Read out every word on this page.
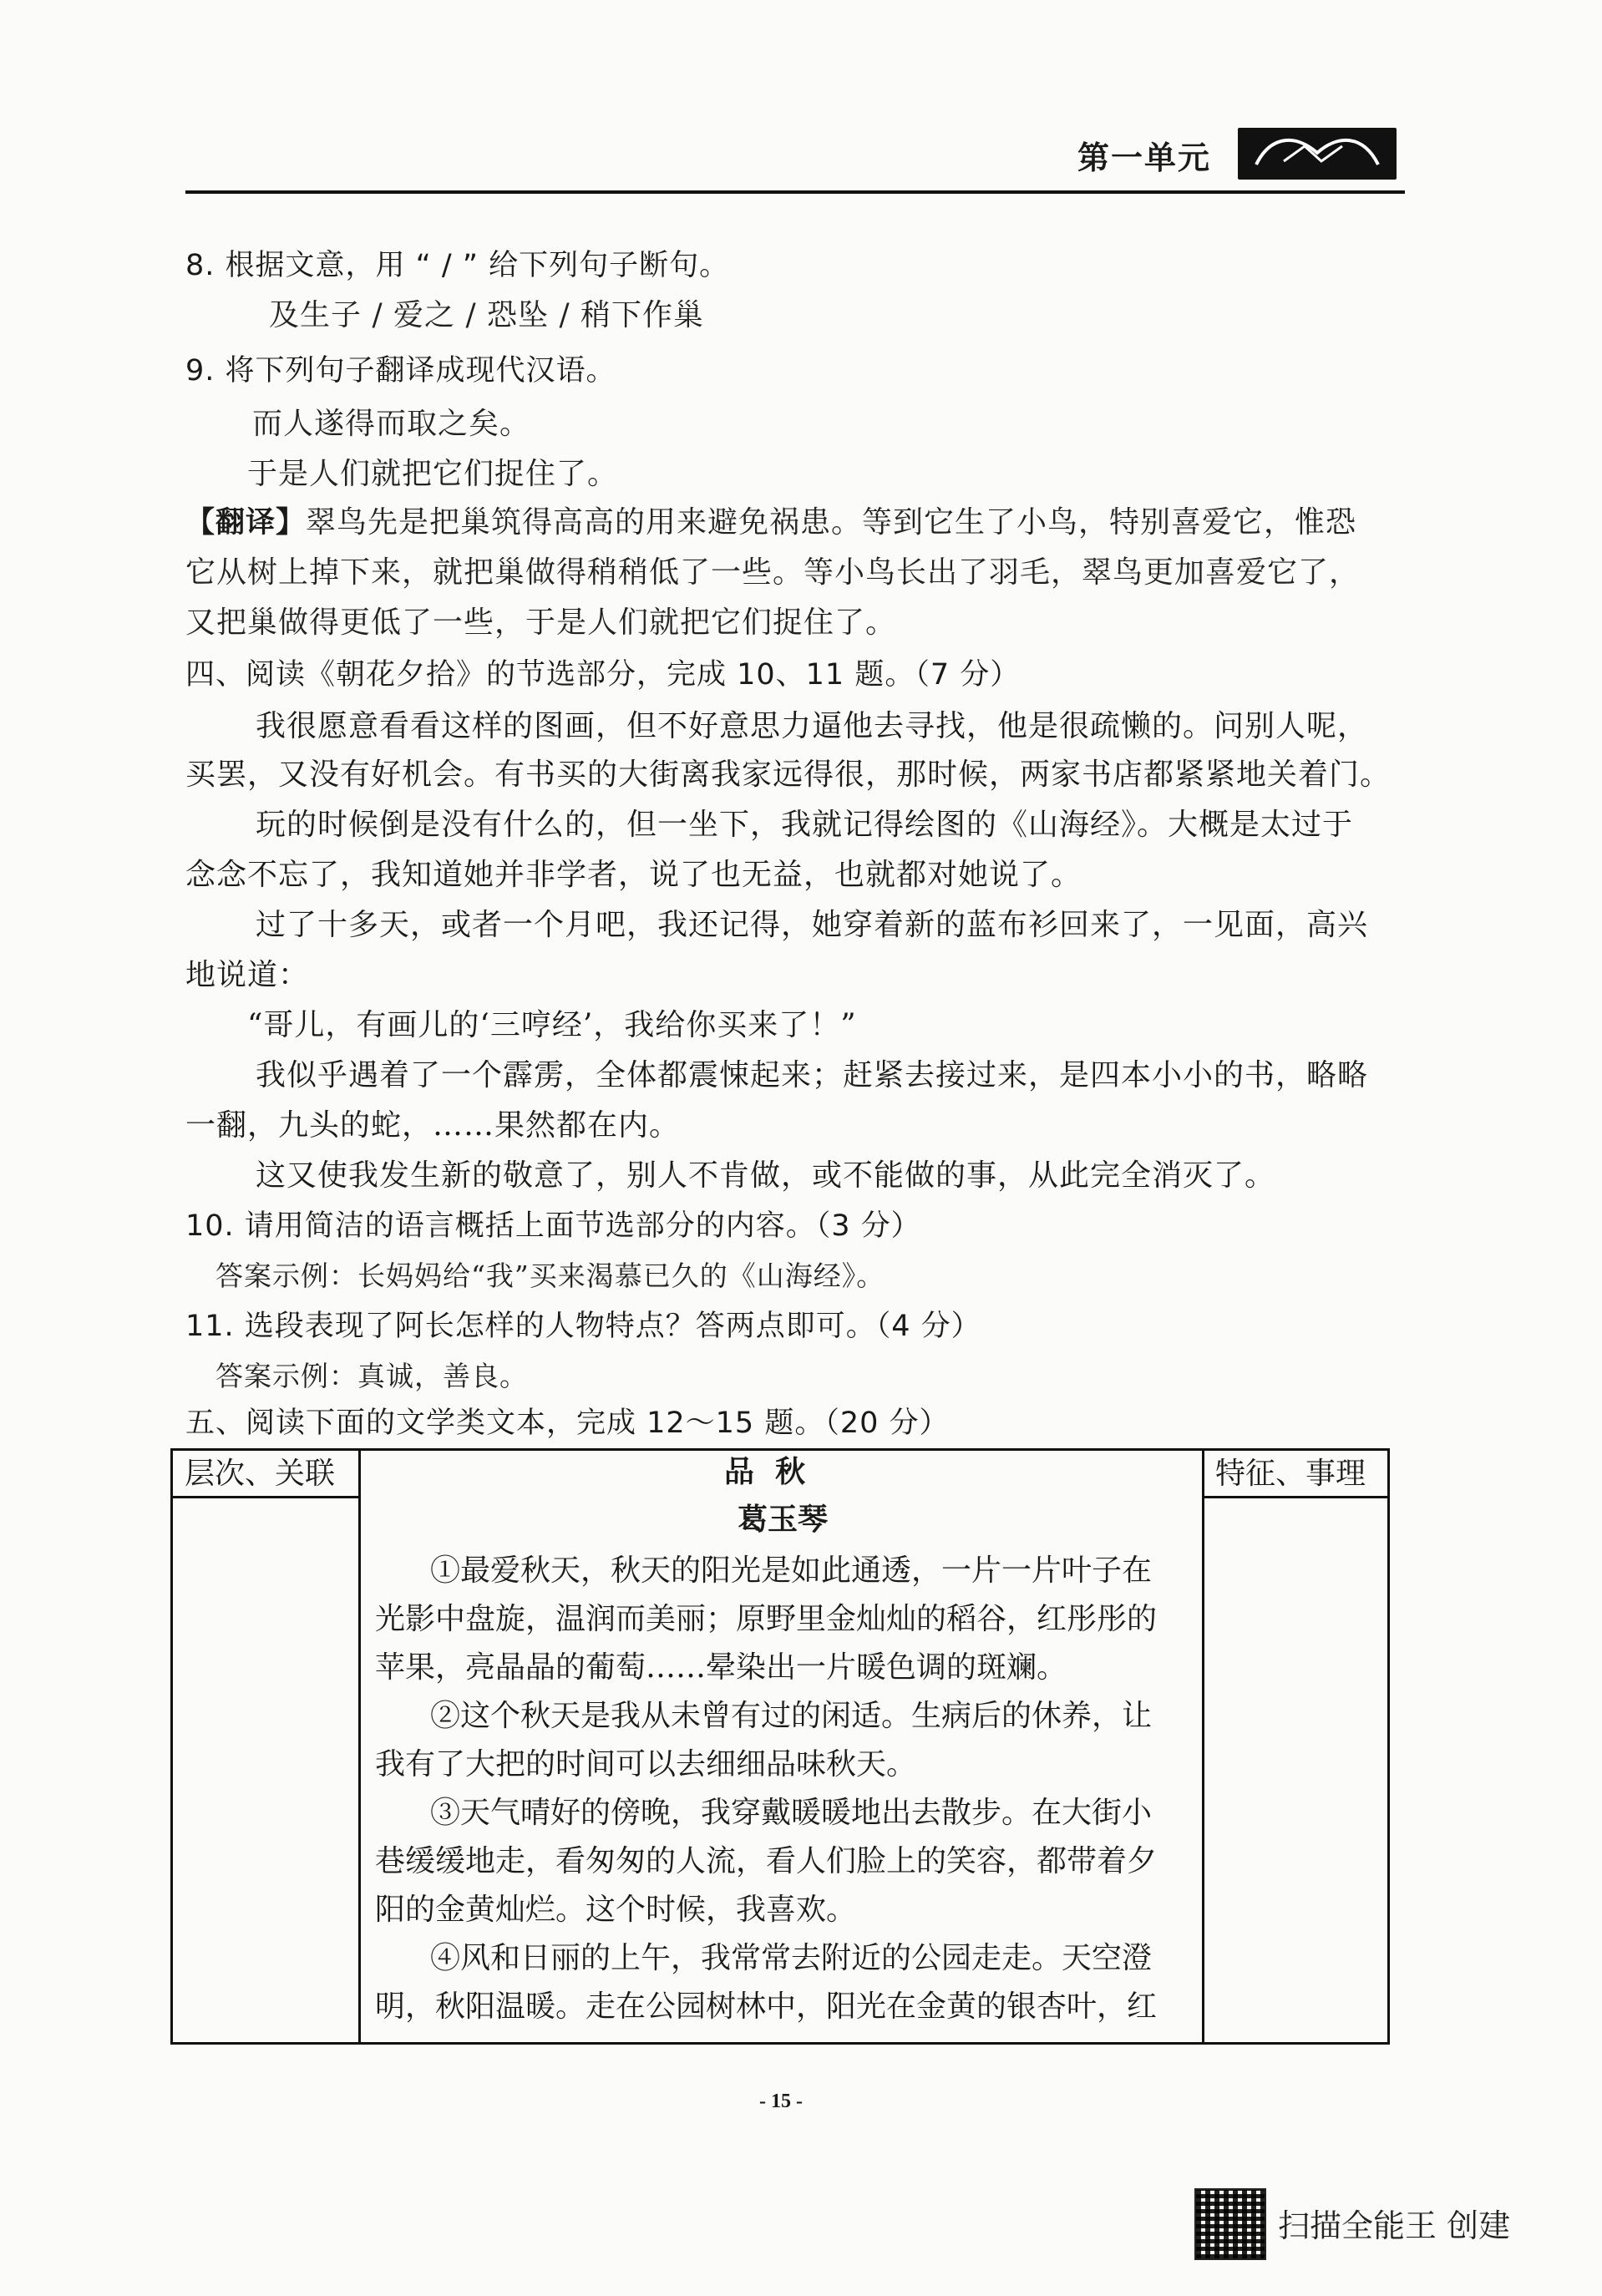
第一单元
8. 根据文意，用 “ / ” 给下列句子断句。
及生子 / 爱之 / 恐坠 / 稍下作巢
9. 将下列句子翻译成现代汉语。
而人遂得而取之矣。
于是人们就把它们捉住了。
【翻译】翠鸟先是把巢筑得高高的用来避免祸患。等到它生了小鸟，特别喜爱它，惟恐
它从树上掉下来，就把巢做得稍稍低了一些。等小鸟长出了羽毛，翠鸟更加喜爱它了，
又把巢做得更低了一些，于是人们就把它们捉住了。
四、阅读《朝花夕拾》的节选部分，完成 10、11 题。（7 分）
我很愿意看看这样的图画，但不好意思力逼他去寻找，他是很疏懒的。问别人呢，
买罢，又没有好机会。有书买的大街离我家远得很，那时候，两家书店都紧紧地关着门。
玩的时候倒是没有什么的，但一坐下，我就记得绘图的《山海经》。大概是太过于
念念不忘了，我知道她并非学者，说了也无益，也就都对她说了。
过了十多天，或者一个月吧，我还记得，她穿着新的蓝布衫回来了，一见面，高兴
地说道：
“哥儿，有画儿的‘三哼经’，我给你买来了！”
我似乎遇着了一个霹雳，全体都震悚起来；赶紧去接过来，是四本小小的书，略略
一翻，九头的蛇，……果然都在内。
这又使我发生新的敬意了，别人不肯做，或不能做的事，从此完全消灭了。
10. 请用简洁的语言概括上面节选部分的内容。（3 分）
答案示例：长妈妈给“我”买来渴慕已久的《山海经》。
11. 选段表现了阿长怎样的人物特点？答两点即可。（4 分）
答案示例：真诚，善良。
五、阅读下面的文学类文本，完成 12～15 题。（20 分）
层次、关联	特征、事理
品  秋
葛玉琴
①最爱秋天，秋天的阳光是如此通透，一片一片叶子在
光影中盘旋，温润而美丽；原野里金灿灿的稻谷，红彤彤的
苹果，亮晶晶的葡萄……晕染出一片暖色调的斑斓。
②这个秋天是我从未曾有过的闲适。生病后的休养，让
我有了大把的时间可以去细细品味秋天。
③天气晴好的傍晚，我穿戴暖暖地出去散步。在大街小
巷缓缓地走，看匆匆的人流，看人们脸上的笑容，都带着夕
阳的金黄灿烂。这个时候，我喜欢。
④风和日丽的上午，我常常去附近的公园走走。天空澄
明，秋阳温暖。走在公园树林中，阳光在金黄的银杏叶，红
- 15 -
扫描全能王 创建
